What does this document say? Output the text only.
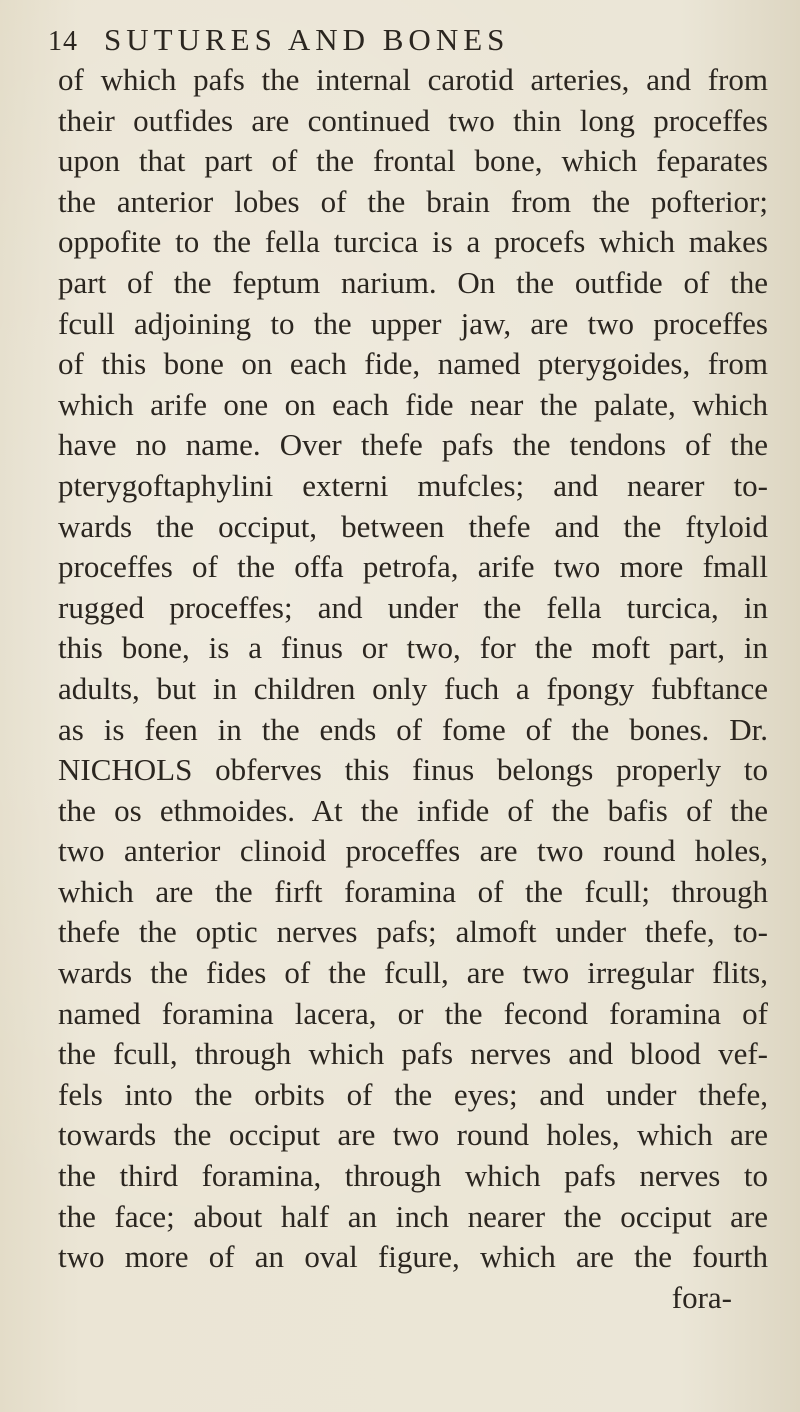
14 SUTURES AND BONES
of which pafs the internal carotid arteries, and from
their outfides are continued two thin long proceffes
upon that part of the frontal bone, which feparates
the anterior lobes of the brain from the pofterior;
oppofite to the fella turcica is a procefs which makes
part of the feptum narium. On the outfide of the
fcull adjoining to the upper jaw, are two proceffes
of this bone on each fide, named pterygoides, from
which arife one on each fide near the palate, which
have no name. Over thefe pafs the tendons of the
pterygoftaphylini externi mufcles; and nearer to-
wards the occiput, between thefe and the ftyloid
proceffes of the offa petrofa, arife two more fmall
rugged proceffes; and under the fella turcica, in
this bone, is a finus or two, for the moft part, in
adults, but in children only fuch a fpongy fubftance
as is feen in the ends of fome of the bones. Dr.
NICHOLS obferves this finus belongs properly to
the os ethmoides. At the infide of the bafis of the
two anterior clinoid proceffes are two round holes,
which are the firft foramina of the fcull; through
thefe the optic nerves pafs; almoft under thefe, to-
wards the fides of the fcull, are two irregular flits,
named foramina lacera, or the fecond foramina of
the fcull, through which pafs nerves and blood vef-
fels into the orbits of the eyes; and under thefe,
towards the occiput are two round holes, which are
the third foramina, through which pafs nerves to
the face; about half an inch nearer the occiput are
two more of an oval figure, which are the fourth
fora-
